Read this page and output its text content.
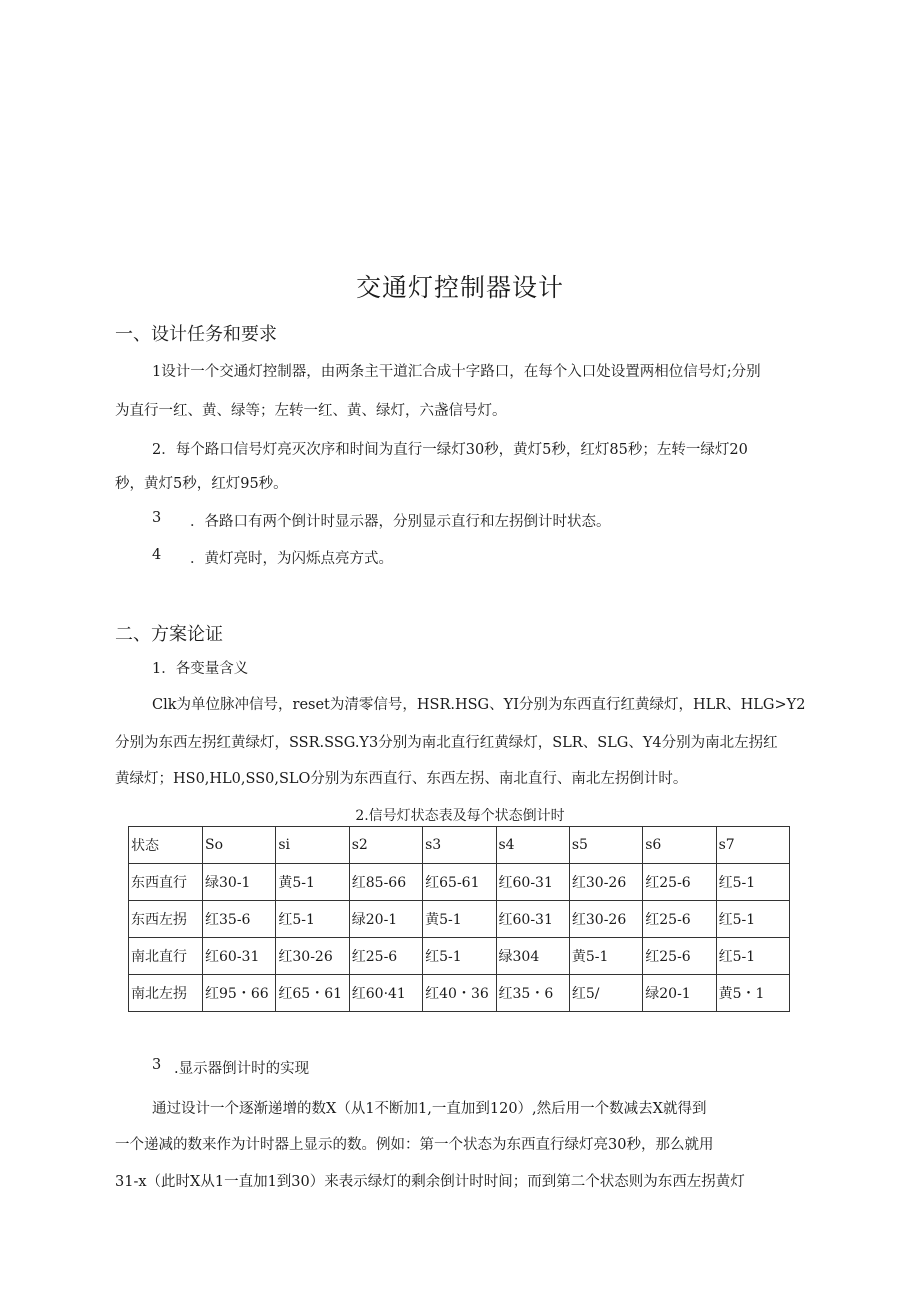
交通灯控制器设计
一、设计任务和要求
1设计一个交通灯控制器，由两条主干道汇合成十字路口，在每个入口处设置两相位信号灯;分别
为直行一红、黄、绿等；左转一红、黄、绿灯，六盏信号灯。
2．每个路口信号灯亮灭次序和时间为直行一绿灯30秒，黄灯5秒，红灯85秒；左转一绿灯20
秒，黄灯5秒，红灯95秒。
3 ．各路口有两个倒计时显示器，分别显示直行和左拐倒计时状态。
4 ．黄灯亮时，为闪烁点亮方式。
二、方案论证
1．各变量含义
Clk为单位脉冲信号，reset为清零信号，HSR.HSG、YI分别为东西直行红黄绿灯，HLR、HLG>Y2
分别为东西左拐红黄绿灯，SSR.SSG.Y3分别为南北直行红黄绿灯，SLR、SLG、Y4分别为南北左拐红
黄绿灯；HS0,HL0,SS0,SLO分别为东西直行、东西左拐、南北直行、南北左拐倒计时。
2.信号灯状态表及每个状态倒计时
状态	So	si	s2	s3	s4	s5	s6	s7
东西直行	绿30-1	黄5-1	红85-66	红65-61	红60-31	红30-26	红25-6	红5-1
东西左拐	红35-6	红5-1	绿20-1	黄5-1	红60-31	红30-26	红25-6	红5-1
南北直行	红60-31	红30-26	红25-6	红5-1	绿304	黄5-1	红25-6	红5-1
南北左拐	红95・66	红65・61	红60·41	红40・36	红35・6	红5/	绿20-1	黄5・1
3 .显示器倒计时的实现
通过设计一个逐渐递增的数X（从1不断加1,一直加到120）,然后用一个数减去X就得到
一个递减的数来作为计时器上显示的数。例如：第一个状态为东西直行绿灯亮30秒，那么就用
31-x（此时X从1一直加1到30）来表示绿灯的剩余倒计时时间；而到第二个状态则为东西左拐黄灯
